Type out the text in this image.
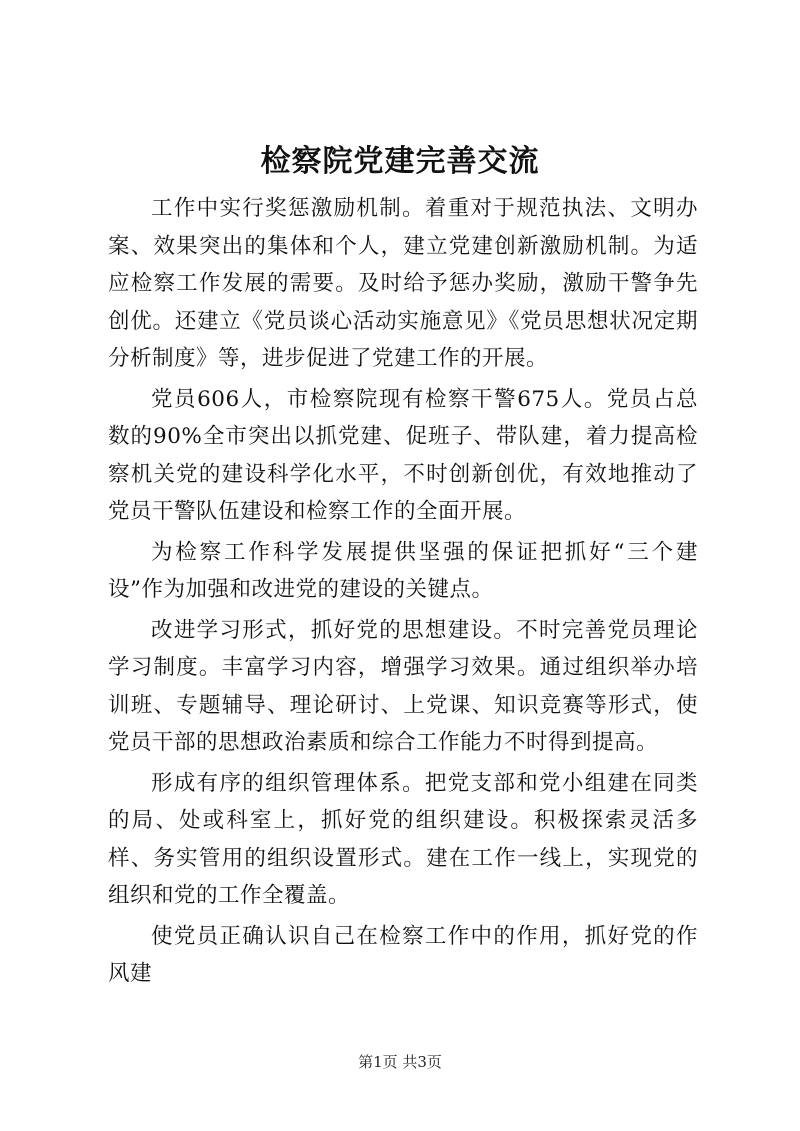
检察院党建完善交流

工作中实行奖惩激励机制。着重对于规范执法、文明办案、效果突出的集体和个人，建立党建创新激励机制。为适应检察工作发展的需要。及时给予惩办奖励，激励干警争先创优。还建立《党员谈心活动实施意见》《党员思想状况定期分析制度》等，进步促进了党建工作的开展。

党员606人，市检察院现有检察干警675人。党员占总数的90%全市突出以抓党建、促班子、带队建，着力提高检察机关党的建设科学化水平，不时创新创优，有效地推动了党员干警队伍建设和检察工作的全面开展。

为检察工作科学发展提供坚强的保证把抓好“三个建设”作为加强和改进党的建设的关键点。

改进学习形式，抓好党的思想建设。不时完善党员理论学习制度。丰富学习内容，增强学习效果。通过组织举办培训班、专题辅导、理论研讨、上党课、知识竞赛等形式，使党员干部的思想政治素质和综合工作能力不时得到提高。

形成有序的组织管理体系。把党支部和党小组建在同类的局、处或科室上，抓好党的组织建设。积极探索灵活多样、务实管用的组织设置形式。建在工作一线上，实现党的组织和党的工作全覆盖。

使党员正确认识自己在检察工作中的作用，抓好党的作风建

第1页 共3页
